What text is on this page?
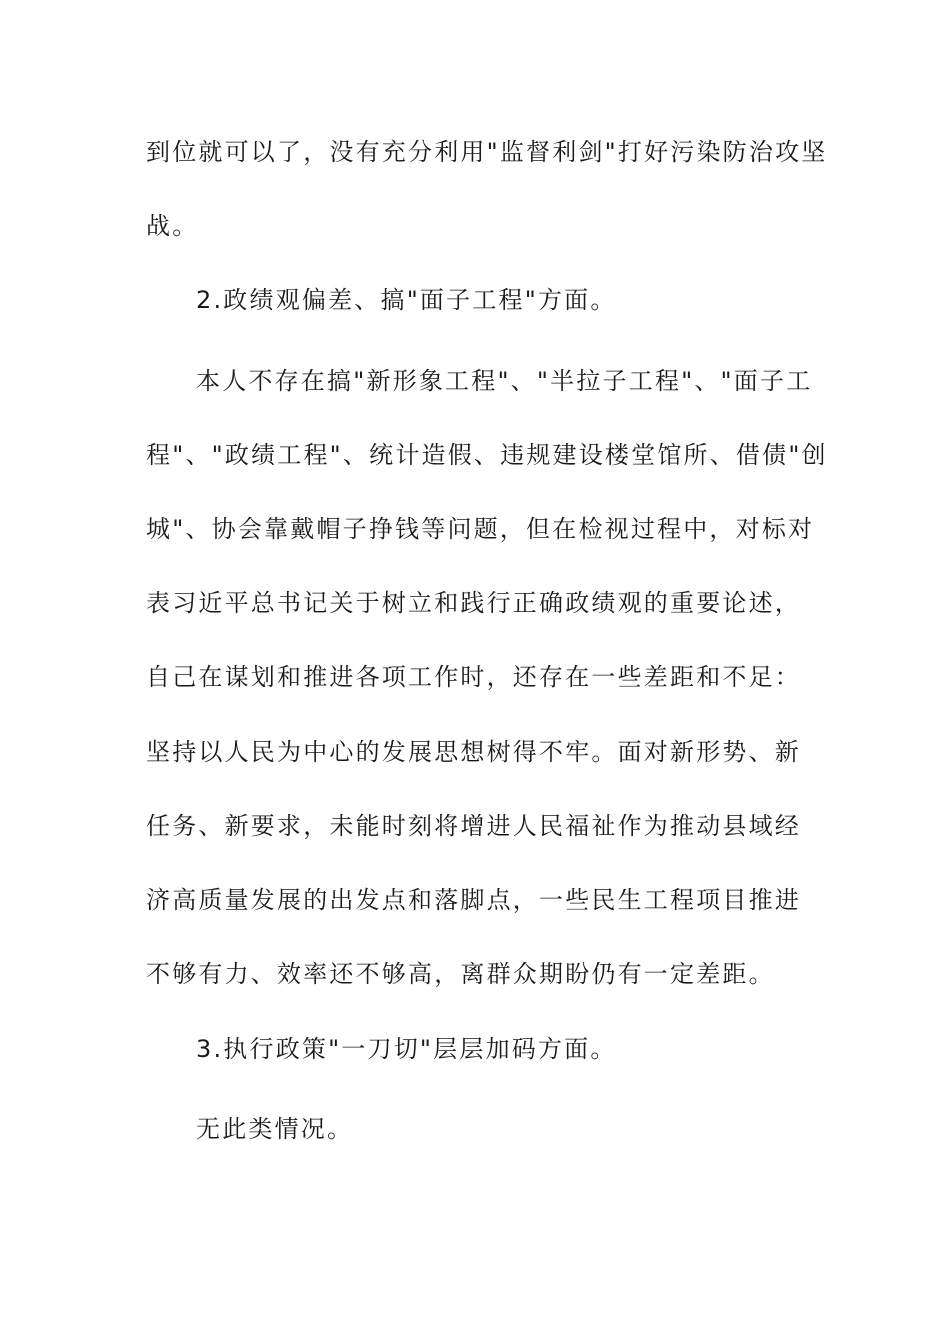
到位就可以了，没有充分利用"监督利剑"打好污染防治攻坚
战。
2.政绩观偏差、搞"面子工程"方面。
本人不存在搞"新形象工程"、"半拉子工程"、"面子工
程"、"政绩工程"、统计造假、违规建设楼堂馆所、借债"创
城"、协会靠戴帽子挣钱等问题，但在检视过程中，对标对
表习近平总书记关于树立和践行正确政绩观的重要论述，
自己在谋划和推进各项工作时，还存在一些差距和不足：
坚持以人民为中心的发展思想树得不牢。面对新形势、新
任务、新要求，未能时刻将增进人民福祉作为推动县域经
济高质量发展的出发点和落脚点，一些民生工程项目推进
不够有力、效率还不够高，离群众期盼仍有一定差距。
3.执行政策"一刀切"层层加码方面。
无此类情况。
